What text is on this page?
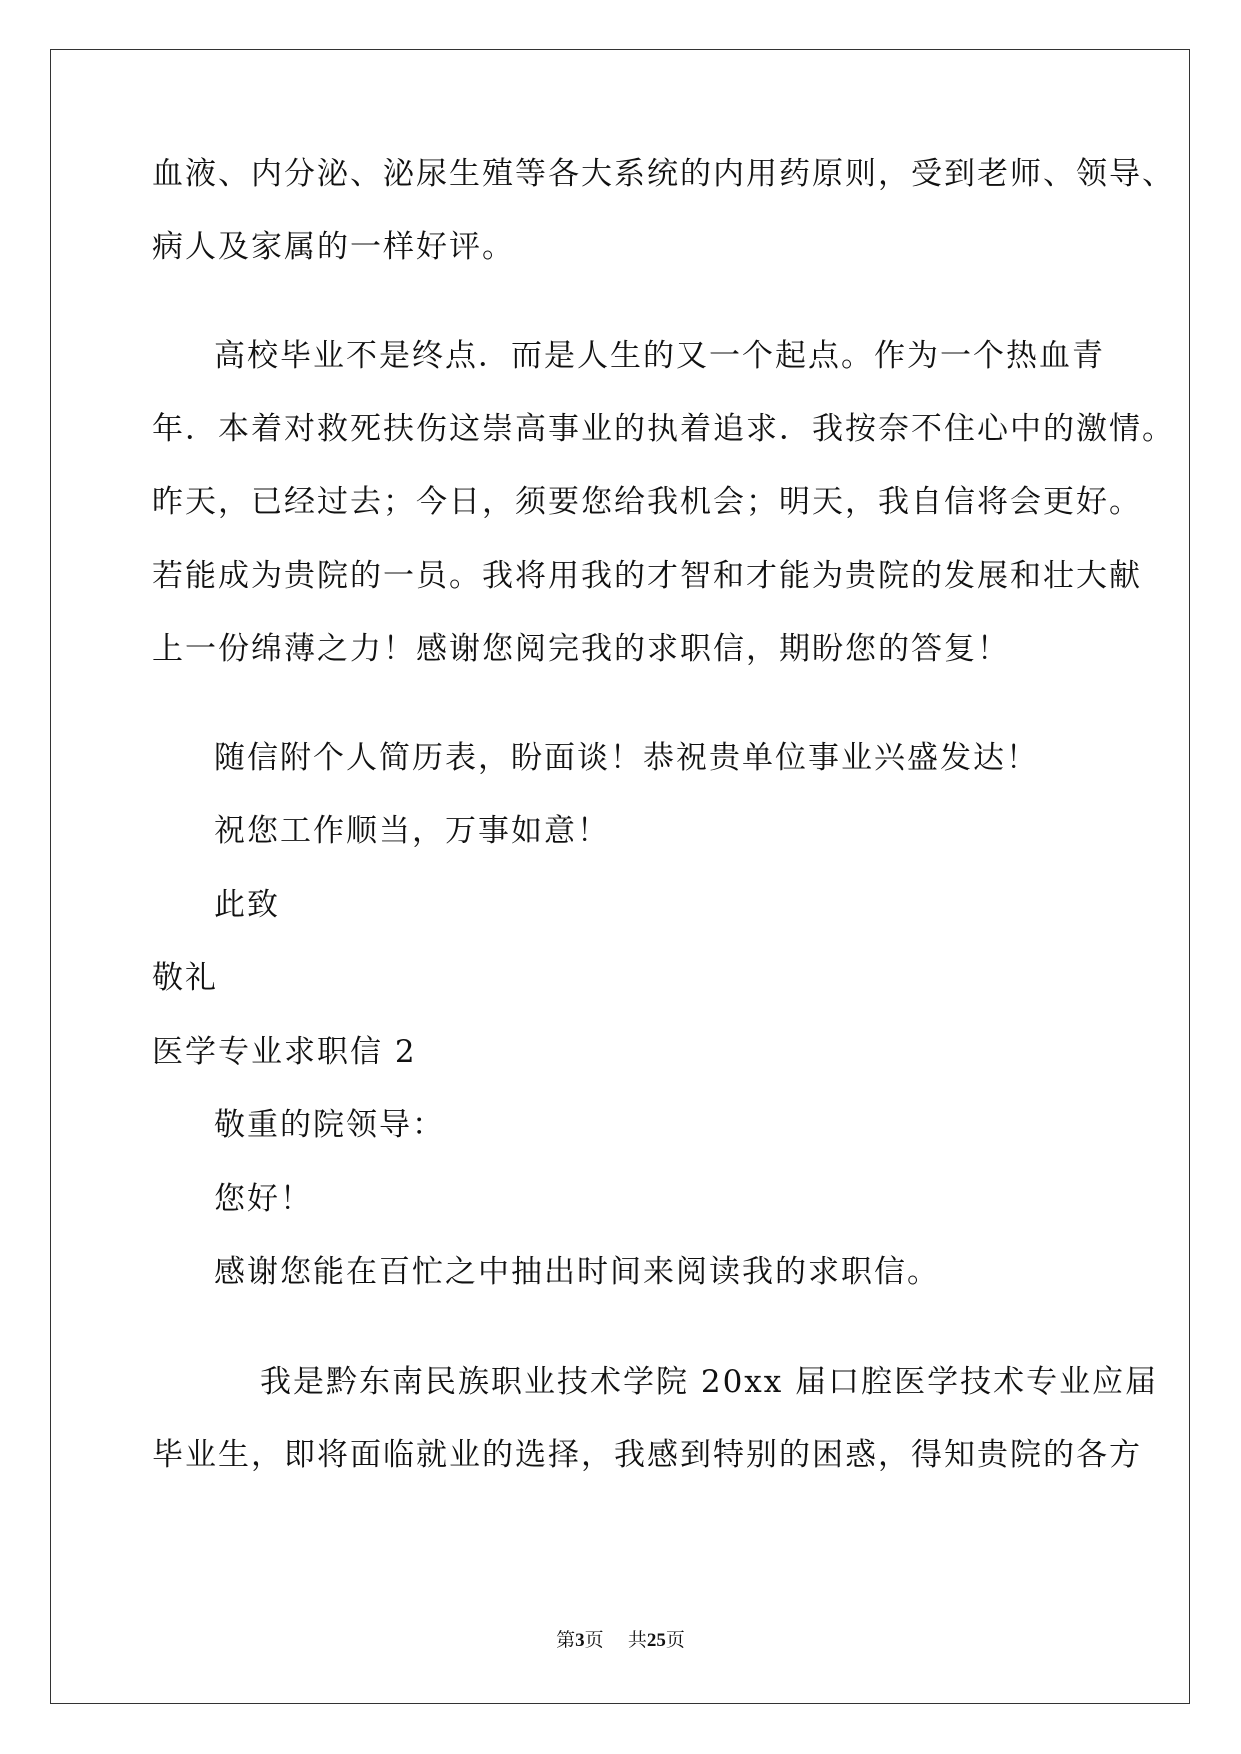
血液、内分泌、泌尿生殖等各大系统的内用药原则，受到老师、领导、
病人及家属的一样好评。
高校毕业不是终点．而是人生的又一个起点。作为一个热血青
年．本着对救死扶伤这崇高事业的执着追求．我按奈不住心中的激情。
昨天，已经过去；今日，须要您给我机会；明天，我自信将会更好。
若能成为贵院的一员。我将用我的才智和才能为贵院的发展和壮大献
上一份绵薄之力！感谢您阅完我的求职信，期盼您的答复！
随信附个人简历表，盼面谈！恭祝贵单位事业兴盛发达！
祝您工作顺当，万事如意！
此致
敬礼
医学专业求职信 2
敬重的院领导：
您好！
感谢您能在百忙之中抽出时间来阅读我的求职信。
我是黔东南民族职业技术学院 20xx 届口腔医学技术专业应届
毕业生，即将面临就业的选择，我感到特别的困惑，得知贵院的各方
第3页 共25页
